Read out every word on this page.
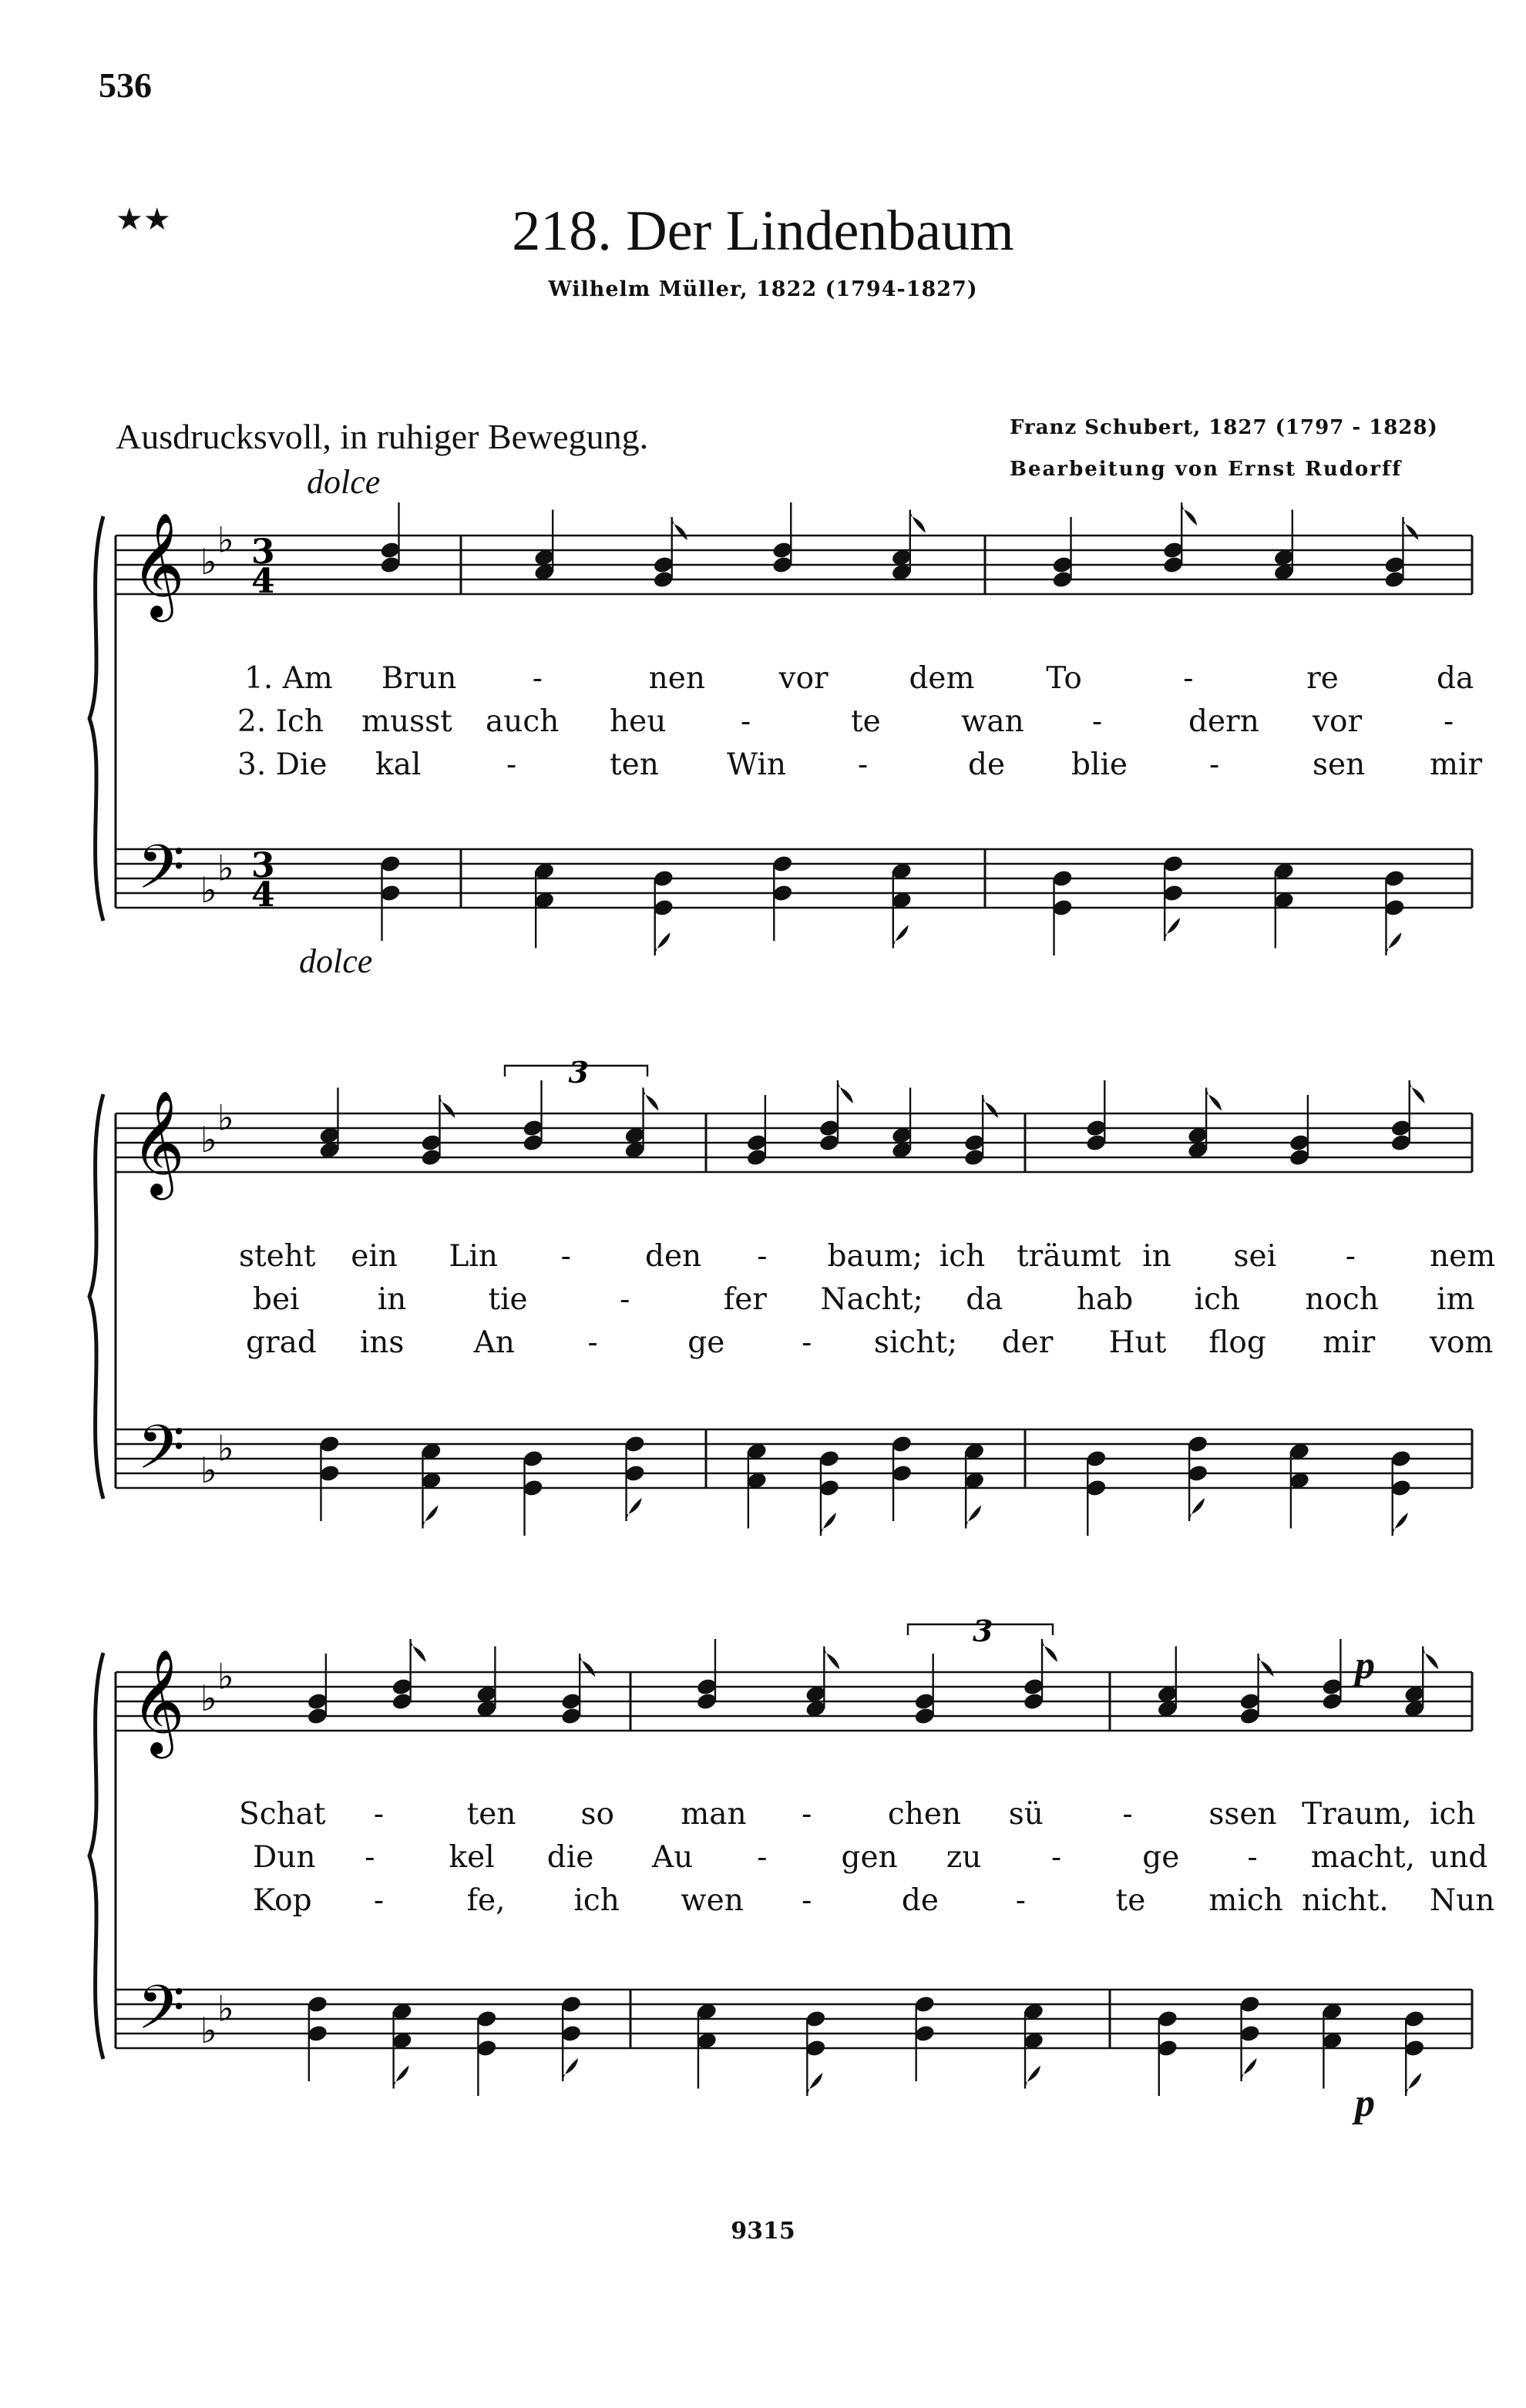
536
★★	218. Der Lindenbaum
Wilhelm Müller, 1822 (1794-1827)
Ausdrucksvoll, in ruhiger Bewegung.	Franz Schubert, 1827 (1797 - 1828)
Bearbeitung von Ernst Rudorff
dolce
dolce
p
p
3
3
𝄞
𝄢
♭
♭
♭
♭
3
4
3
4
𝄞
𝄢
♭
♭
♭
♭
𝄞
𝄢
♭
♭
♭
♭
1. Am Brun	-	nen vor	dem To	-	re	da
2. Ich musst auch heu -	te	wan -	dern vor	-
3. Die kal	-	ten Win -	de blie	-	sen mir
steht ein Lin - den - baum; ich träumt in sei - nem
bei	in	tie	-	fer Nacht; da hab ich noch im
grad ins An -	ge	- sicht; der Hut flog mir vom
Schat -	ten so man -	chen sü	-	ssen Traum, ich
Dun - kel die Au - gen zu -	ge - macht, und
Kop -	fe, ich wen -	de	-	te mich nicht. Nun
9315
